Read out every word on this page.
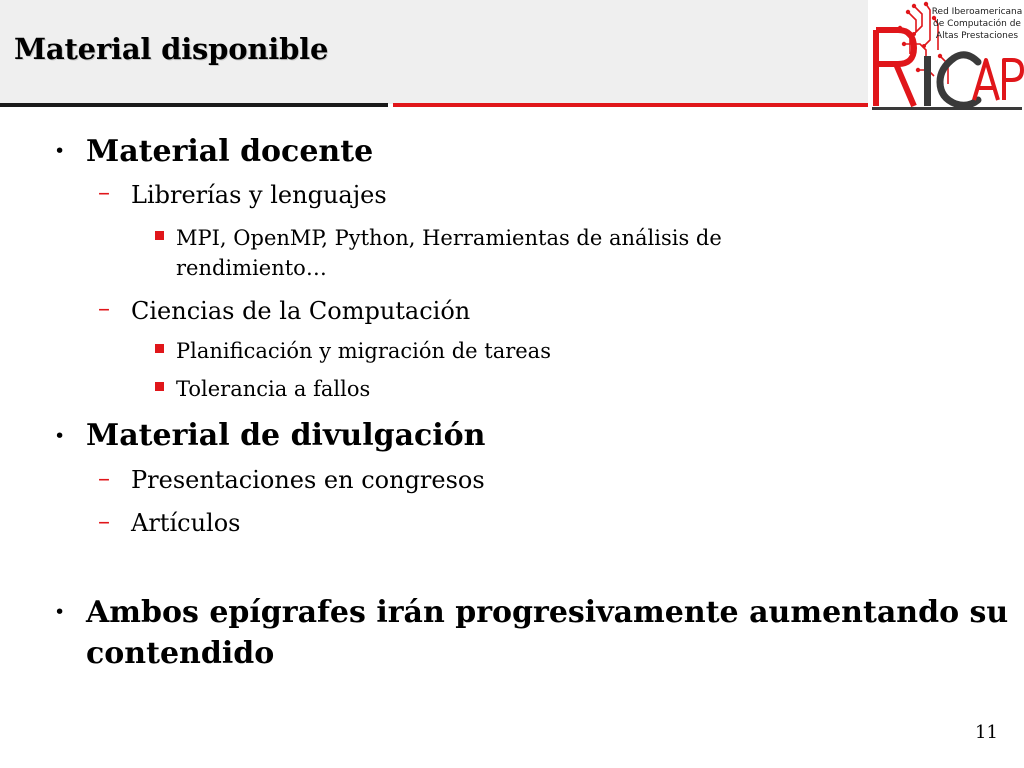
Material disponible
Red Iberoamericana
de Computación de
Altas Prestaciones
• Material docente
– Librerías y lenguajes
MPI, OpenMP, Python, Herramientas de análisis de
rendimiento…
– Ciencias de la Computación
Planificación y migración de tareas
Tolerancia a fallos
• Material de divulgación
– Presentaciones en congresos
– Artículos
• Ambos epígrafes irán progresivamente aumentando su
contendido
11
